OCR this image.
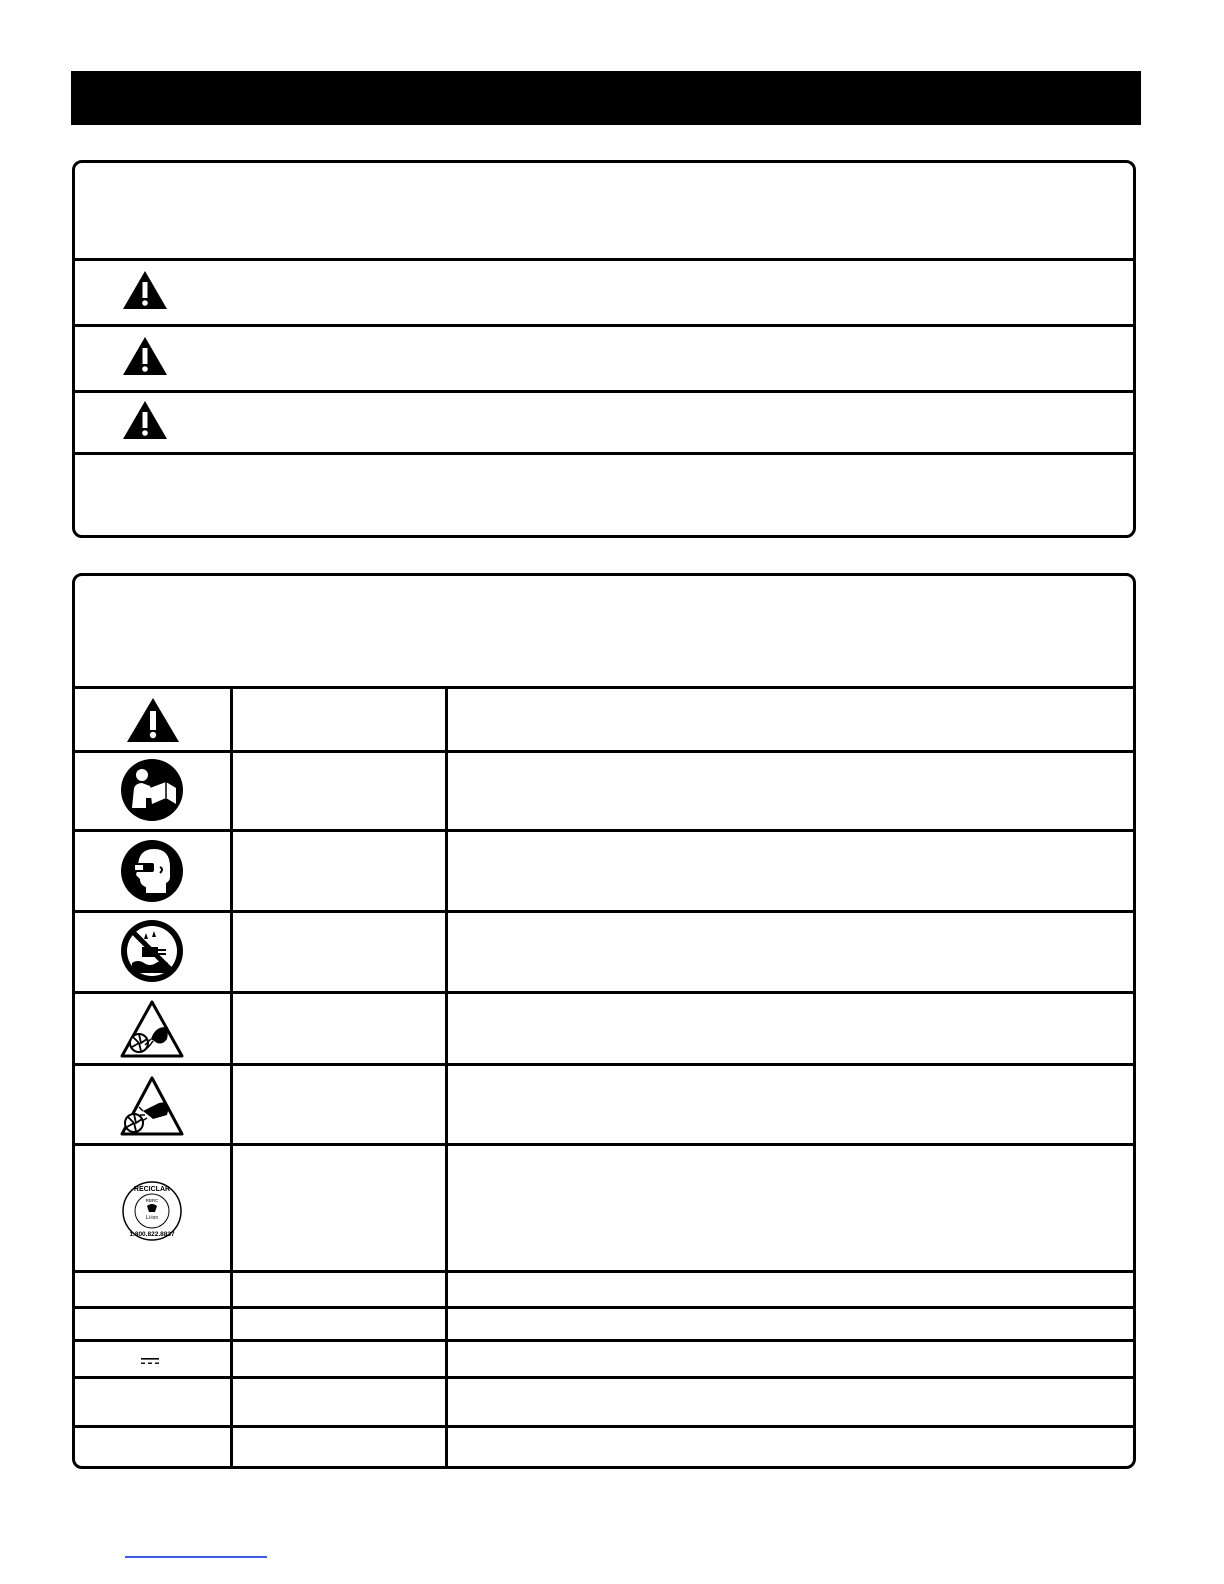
RECICLAR
RBRC
Li-ion
1.800.822.8837
